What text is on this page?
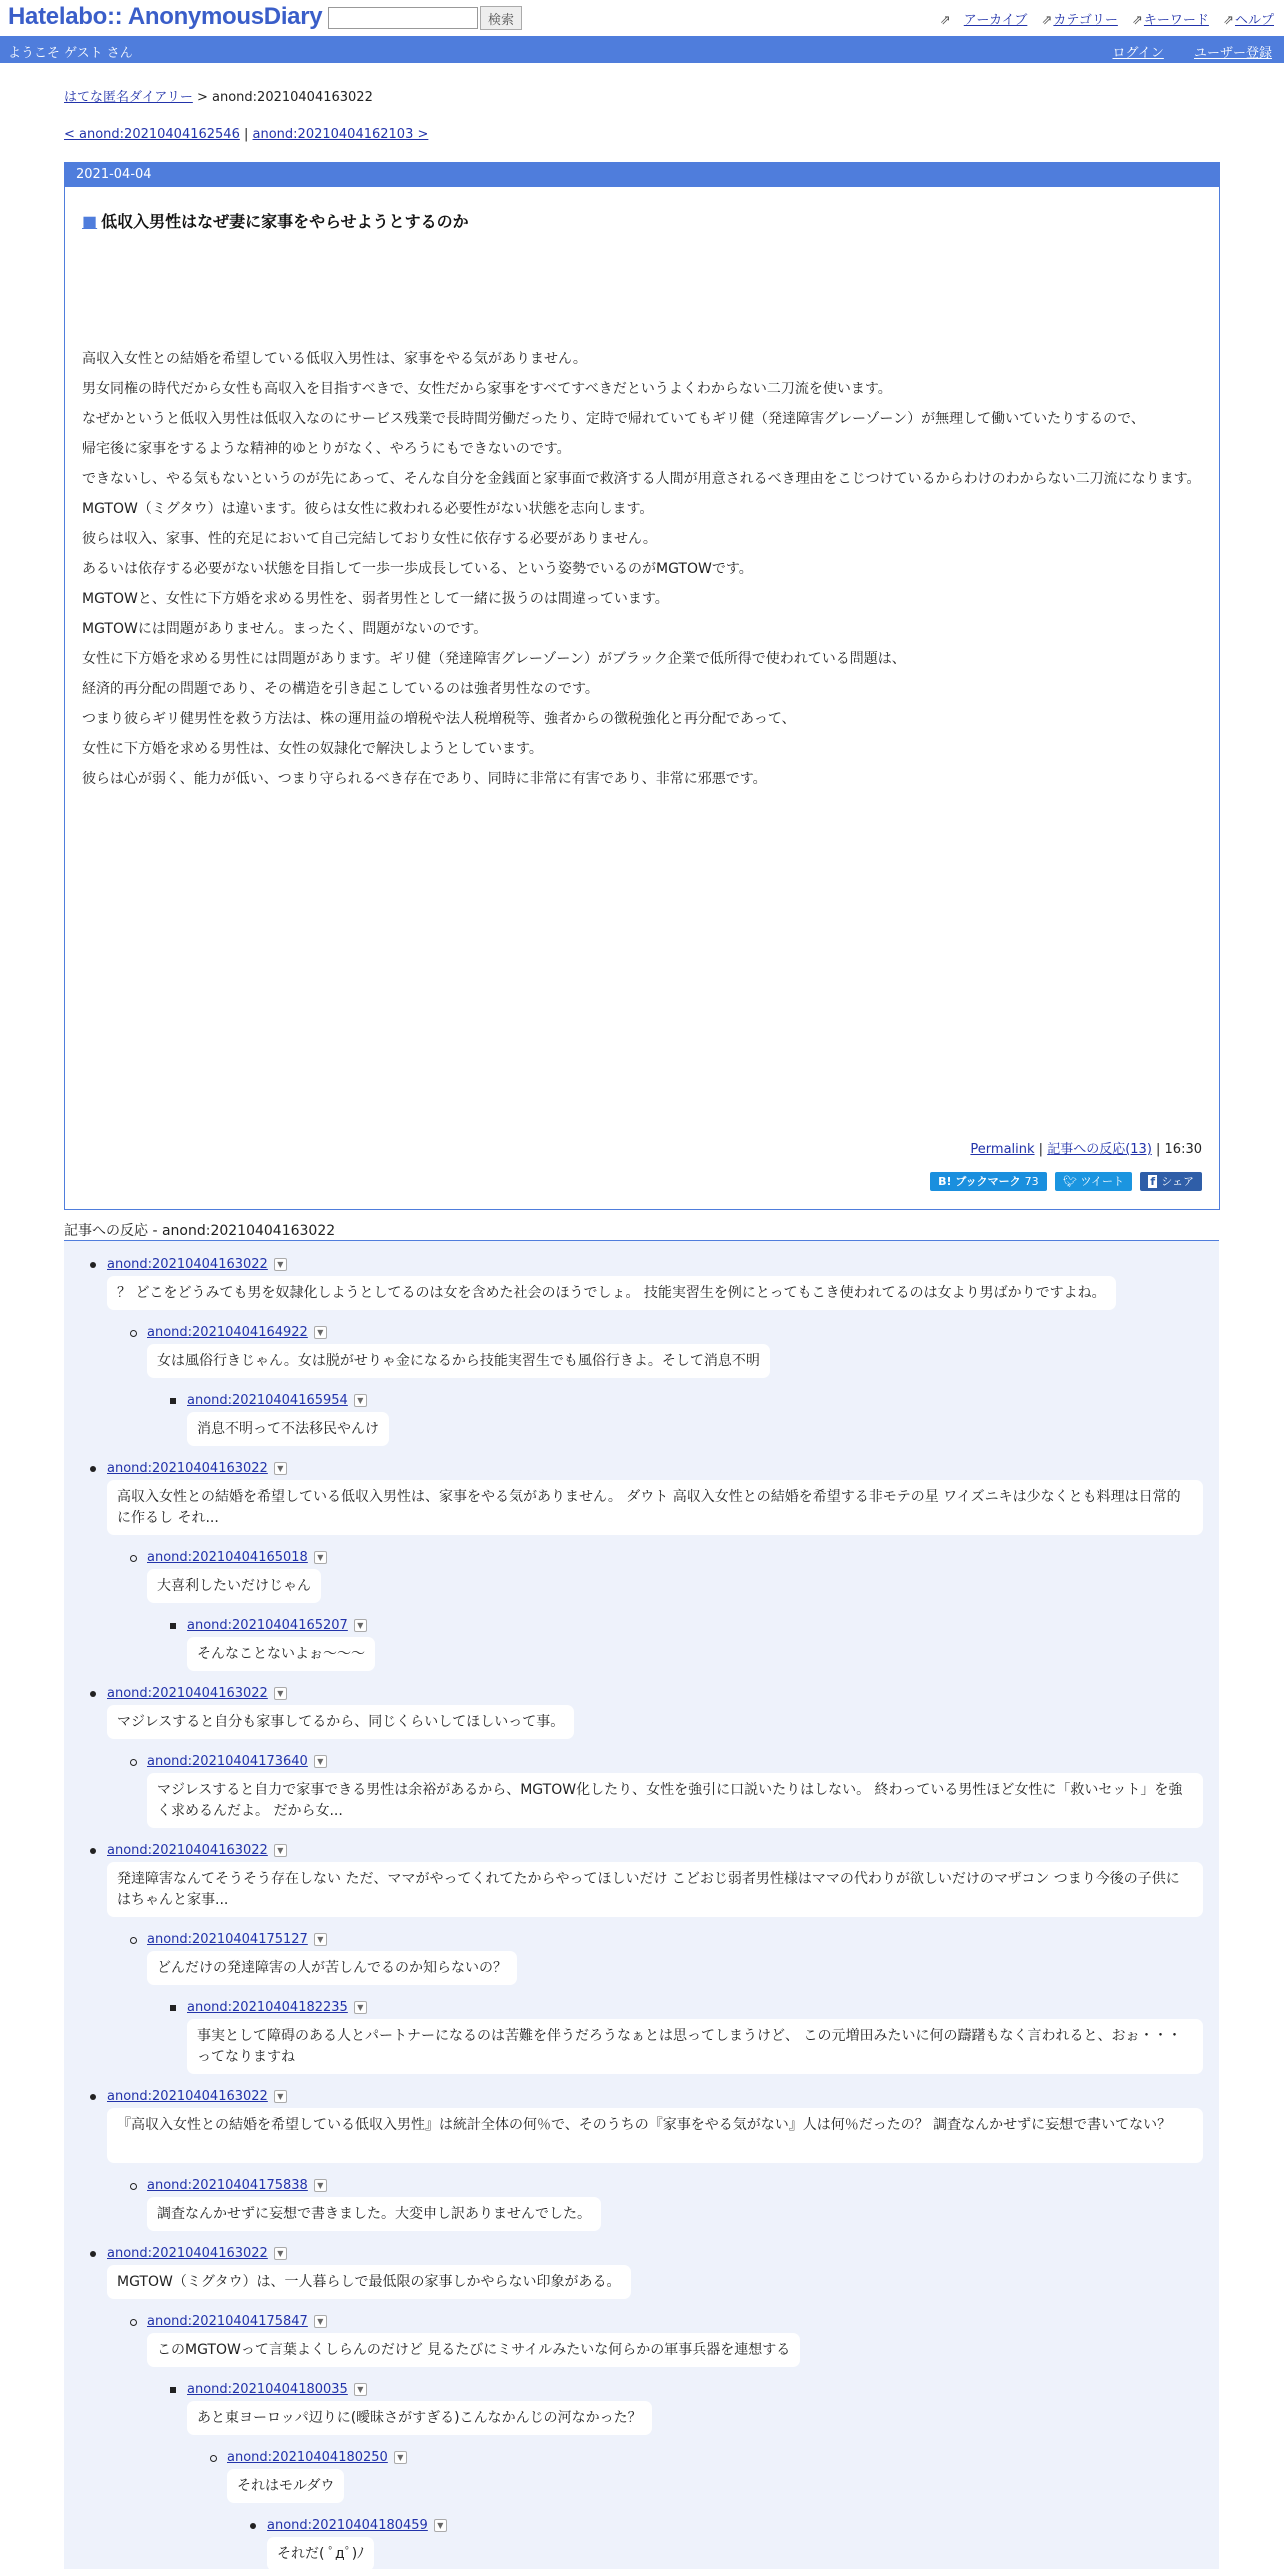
Hatelabo:: AnonymousDiary	検索	⇗ アーカイブ ⇗カテゴリー ⇗キーワード ⇗ヘルプ
ようこそ ゲスト さん	ログイン ユーザー登録
はてな匿名ダイアリー > anond:20210404163022
< anond:20210404162546 | anond:20210404162103 >
2021-04-04
■ 低収入男性はなぜ妻に家事をやらせようとするのか

高収入女性との結婚を希望している低収入男性は、家事をやる気がありません。

男女同権の時代だから女性も高収入を目指すべきで、女性だから家事をすべてすべきだというよくわからない二刀流を使います。

なぜかというと低収入男性は低収入なのにサービス残業で長時間労働だったり、定時で帰れていてもギリ健（発達障害グレーゾーン）が無理して働いていたりするので、

帰宅後に家事をするような精神的ゆとりがなく、やろうにもできないのです。

できないし、やる気もないというのが先にあって、そんな自分を金銭面と家事面で救済する人間が用意されるべき理由をこじつけているからわけのわからない二刀流になります。

MGTOW（ミグタウ）は違います。彼らは女性に救われる必要性がない状態を志向します。

彼らは収入、家事、性的充足において自己完結しており女性に依存する必要がありません。

あるいは依存する必要がない状態を目指して一歩一歩成長している、という姿勢でいるのがMGTOWです。

MGTOWと、女性に下方婚を求める男性を、弱者男性として一緒に扱うのは間違っています。

MGTOWには問題がありません。まったく、問題がないのです。

女性に下方婚を求める男性には問題があります。ギリ健（発達障害グレーゾーン）がブラック企業で低所得で使われている問題は、

経済的再分配の問題であり、その構造を引き起こしているのは強者男性なのです。

つまり彼らギリ健男性を救う方法は、株の運用益の増税や法人税増税等、強者からの徴税強化と再分配であって、

女性に下方婚を求める男性は、女性の奴隷化で解決しようとしています。

彼らは心が弱く、能力が低い、つまり守られるべき存在であり、同時に非常に有害であり、非常に邪悪です。

Permalink | 記事への反応(13) | 16:30
B! ブックマーク 73 🐦︎ ツイート f シェア
記事への反応 - anond:20210404163022
anond:20210404163022 ▼
？ どこをどうみても男を奴隷化しようとしてるのは女を含めた社会のほうでしょ。 技能実習生を例にとってもこき使われてるのは女より男ばかりですよね。
anond:20210404164922 ▼
女は風俗行きじゃん。女は脱がせりゃ金になるから技能実習生でも風俗行きよ。そして消息不明
anond:20210404165954 ▼
消息不明って不法移民やんけ
anond:20210404163022 ▼
高収入女性との結婚を希望している低収入男性は、家事をやる気がありません。 ダウト 高収入女性との結婚を希望する非モテの星 ワイズニキは少なくとも料理は日常的に作るし それ...
anond:20210404165018 ▼
大喜利したいだけじゃん
anond:20210404165207 ▼
そんなことないよぉ～～～
anond:20210404163022 ▼
マジレスすると自分も家事してるから、同じくらいしてほしいって事。
anond:20210404173640 ▼
マジレスすると自力で家事できる男性は余裕があるから、MGTOW化したり、女性を強引に口説いたりはしない。 終わっている男性ほど女性に「救いセット」を強く求めるんだよ。 だから女...
anond:20210404163022 ▼
発達障害なんてそうそう存在しない ただ、ママがやってくれてたからやってほしいだけ こどおじ弱者男性様はママの代わりが欲しいだけのマザコン つまり今後の子供にはちゃんと家事...
anond:20210404175127 ▼
どんだけの発達障害の人が苦しんでるのか知らないの？
anond:20210404182235 ▼
事実として障碍のある人とパートナーになるのは苦難を伴うだろうなぁとは思ってしまうけど、 この元増田みたいに何の躊躇もなく言われると、おぉ・・・ってなりますね
anond:20210404163022 ▼
『高収入女性との結婚を希望している低収入男性』は統計全体の何％で、そのうちの『家事をやる気がない』人は何％だったの？ 調査なんかせずに妄想で書いてない？
anond:20210404175838 ▼
調査なんかせずに妄想で書きました。大変申し訳ありませんでした。
anond:20210404163022 ▼
MGTOW（ミグタウ）は、一人暮らしで最低限の家事しかやらない印象がある。
anond:20210404175847 ▼
このMGTOWって言葉よくしらんのだけど 見るたびにミサイルみたいな何らかの軍事兵器を連想する
anond:20210404180035 ▼
あと東ヨーロッパ辺りに(曖昧さがすぎる)こんなかんじの河なかった？
anond:20210404180250 ▼
それはモルダウ
anond:20210404180459 ▼
それだ( ﾟдﾟ)ﾉ
